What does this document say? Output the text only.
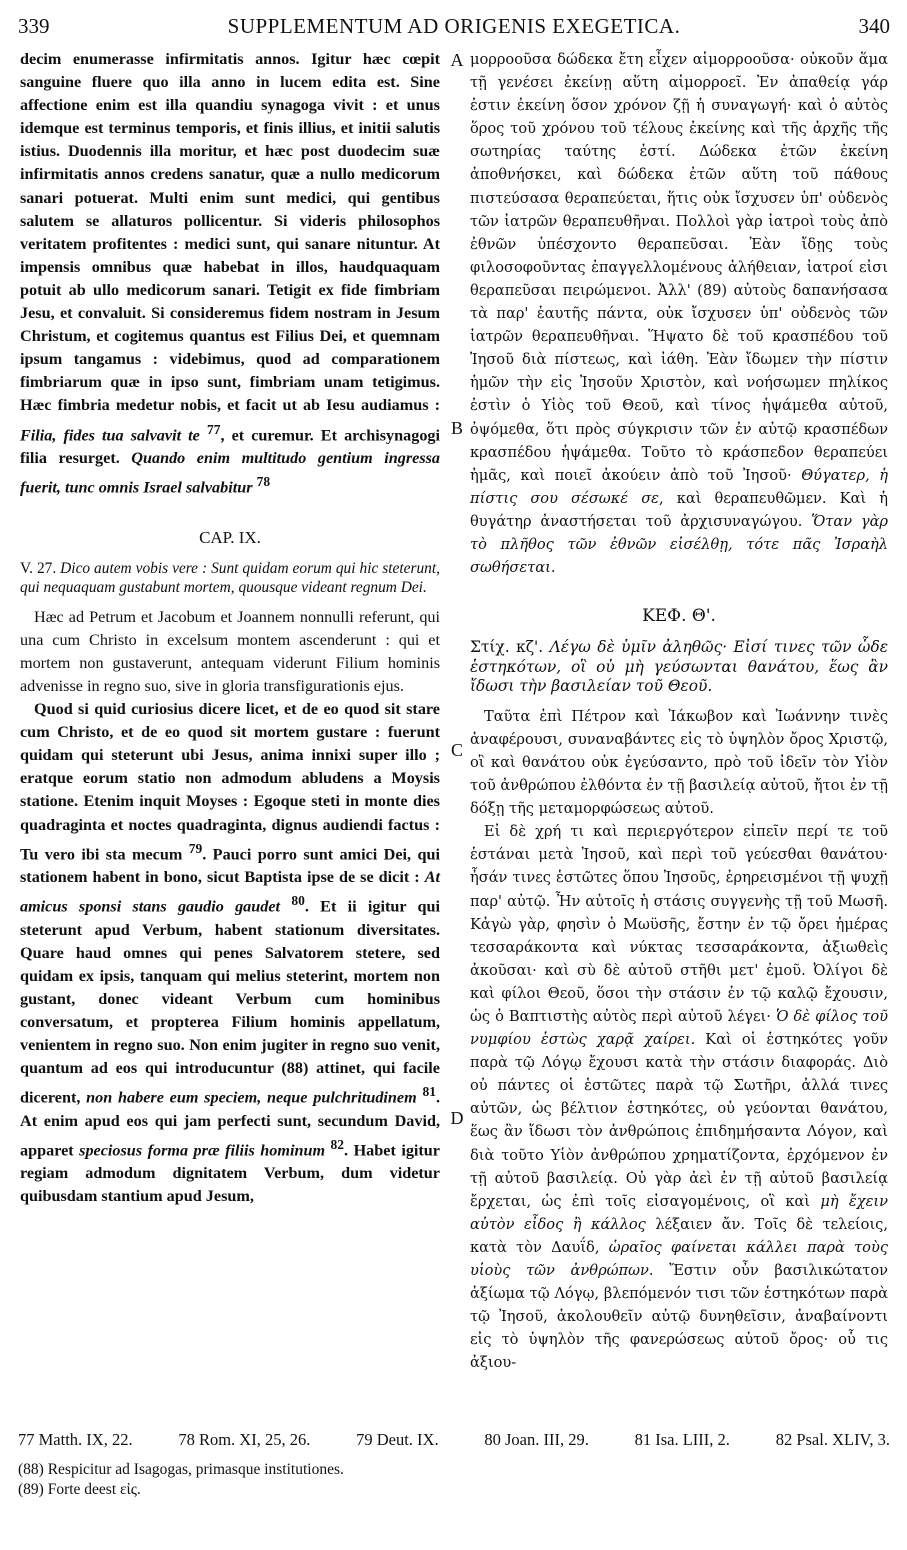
339	SUPPLEMENTUM AD ORIGENIS EXEGETICA.	340
A
B
C
D

decim enumerasse infirmitatis annos. Igitur hæc cœpit sanguine fluere quo illa anno in lucem edita est. Sine affectione enim est illa quandiu synagoga vivit : et unus idemque est terminus temporis, et finis illius, et initii salutis istius. Duodennis illa moritur, et hæc post duodecim suæ infirmitatis annos credens sanatur, quæ a nullo medicorum sanari potuerat. Multi enim sunt medici, qui gentibus salutem se allaturos pollicentur. Si videris philosophos veritatem profitentes : medici sunt, qui sanare nituntur. At impensis omnibus quæ habebat in illos, haudquaquam potuit ab ullo medicorum sanari. Tetigit ex fide fimbriam Jesu, et convaluit. Si consideremus fidem nostram in Jesum Christum, et cogitemus quantus est Filius Dei, et quemnam ipsum tangamus : videbimus, quod ad comparationem fimbriarum quæ in ipso sunt, fimbriam unam tetigimus. Hæc fimbria medetur nobis, et facit ut ab Iesu audiamus : Filia, fides tua salvavit te $^{77}$, et curemur. Et archisynagogi filia resurget. Quando enim multitudo gentium ingressa fuerit, tunc omnis Israel salvabitur $^{78}$

CAP. IX.
V. 27. Dico autem vobis vere : Sunt quidam eorum qui hic steterunt, qui nequaquam gustabunt mortem, quousque videant regnum Dei.

Hæc ad Petrum et Jacobum et Joannem nonnulli referunt, qui una cum Christo in excelsum montem ascenderunt : qui et mortem non gustaverunt, antequam viderunt Filium hominis advenisse in regno suo, sive in gloria transfigurationis ejus.

Quod si quid curiosius dicere licet, et de eo quod sit stare cum Christo, et de eo quod sit mortem gustare : fuerunt quidam qui steterunt ubi Jesus, anima innixi super illo ; eratque eorum statio non admodum abludens a Moysis statione. Etenim inquit Moyses : Egoque steti in monte dies quadraginta et noctes quadraginta, dignus audiendi factus : Tu vero ibi sta mecum $^{79}$. Pauci porro sunt amici Dei, qui stationem habent in bono, sicut Baptista ipse de se dicit : At amicus sponsi stans gaudio gaudet $^{80}$. Et ii igitur qui steterunt apud Verbum, habent stationum diversitates. Quare haud omnes qui penes Salvatorem stetere, sed quidam ex ipsis, tanquam qui melius steterint, mortem non gustant, donec videant Verbum cum hominibus conversatum, et propterea Filium hominis appellatum, venientem in regno suo. Non enim jugiter in regno suo venit, quantum ad eos qui introducuntur (88) attinet, qui facile dicerent, non habere eum speciem, neque pulchritudinem $^{81}$. At enim apud eos qui jam perfecti sunt, secundum David, apparet speciosus forma præ filiis hominum $^{82}$. Habet igitur regiam admodum dignitatem Verbum, dum videtur quibusdam stantium apud Jesum,

μορρooῦσα δώδεκα ἔτη εἶχεν αἱμορροοῦσα· οὐκοῦν ἅμα τῇ γενέσει ἐκείνῃ αὕτη αἱμορροεῖ. Ἐν ἀπαθείᾳ γάρ ἐστιν ἐκείνη ὅσον χρόνον ζῇ ἡ συναγωγή· καὶ ὁ αὐτὸς ὅρος τοῦ χρόνου τοῦ τέλους ἐκείνης καὶ τῆς ἀρχῆς τῆς σωτηρίας ταύτης ἐστί. Δώδεκα ἐτῶν ἐκείνη ἀποθνήσκει, καὶ δώδεκα ἐτῶν αὕτη τοῦ πάθους πιστεύσασα θεραπεύεται, ἥτις οὐκ ἴσχυσεν ὑπ' οὐδενὸς τῶν ἰατρῶν θεραπευθῆναι. Πολλοὶ γὰρ ἰατροὶ τοὺς ἀπὸ ἐθνῶν ὑπέσχοντο θεραπεῦσαι. Ἐὰν ἴδῃς τοὺς φιλοσοφοῦντας ἐπαγγελλομένους ἀλήθειαν, ἰατροί εἰσι θεραπεῦσαι πειρώμενοι. Ἀλλ' (89) αὐτοὺς δαπανήσασα τὰ παρ' ἑαυτῆς πάντα, οὐκ ἴσχυσεν ὑπ' οὐδενὸς τῶν ἰατρῶν θεραπευθῆναι. Ἥψατο δὲ τοῦ κρασπέδου τοῦ Ἰησοῦ διὰ πίστεως, καὶ ἰάθη. Ἐὰν ἴδωμεν τὴν πίστιν ἡμῶν τὴν εἰς Ἰησοῦν Χριστὸν, καὶ νοήσωμεν πηλίκος ἐστὶν ὁ Υἱὸς τοῦ Θεοῦ, καὶ τίνος ἡψάμεθα αὐτοῦ, ὀψόμεθα, ὅτι πρὸς σύγκρισιν τῶν ἐν αὐτῷ κρασπέδων κρασπέδου ἡψάμεθα. Τοῦτο τὸ κράσπεδον θεραπεύει ἡμᾶς, καὶ ποιεῖ ἀκούειν ἀπὸ τοῦ Ἰησοῦ· Θύγατερ, ἡ πίστις σου σέσωκέ σε, καὶ θεραπευθῶμεν. Καὶ ἡ θυγάτηρ ἀναστήσεται τοῦ ἀρχισυναγώγου. Ὅταν γὰρ τὸ πλῆθος τῶν ἐθνῶν εἰσέλθῃ, τότε πᾶς Ἰσραὴλ σωθήσεται.

ΚΕΦ. Θ'.
Στίχ. κζ'. Λέγω δὲ ὑμῖν ἀληθῶς· Εἰσί τινες τῶν ὧδε ἑστηκότων, οἳ οὐ μὴ γεύσωνται θανάτου, ἕως ἂν ἴδωσι τὴν βασιλείαν τοῦ Θεοῦ.

Ταῦτα ἐπὶ Πέτρον καὶ Ἰάκωβον καὶ Ἰωάννην τινὲς ἀναφέρουσι, συναναβάντες εἰς τὸ ὑψηλὸν ὄρος Χριστῷ, οἳ καὶ θανάτου οὐκ ἐγεύσαντο, πρὸ τοῦ ἰδεῖν τὸν Υἱὸν τοῦ ἀνθρώπου ἐλθόντα ἐν τῇ βασιλείᾳ αὐτοῦ, ἤτοι ἐν τῇ δόξῃ τῆς μεταμορφώσεως αὐτοῦ.

Εἰ δὲ χρή τι καὶ περιεργότερον εἰπεῖν περί τε τοῦ ἑστάναι μετὰ Ἰησοῦ, καὶ περὶ τοῦ γεύεσθαι θανάτου· ἦσάν τινες ἑστῶτες ὅπου Ἰησοῦς, ἐρηρεισμένοι τῇ ψυχῇ παρ' αὐτῷ. Ἦν αὐτοῖς ἡ στάσις συγγενὴς τῇ τοῦ Μωσῆ. Κἀγὼ γὰρ, φησὶν ὁ Μωϋσῆς, ἔστην ἐν τῷ ὄρει ἡμέρας τεσσαράκοντα καὶ νύκτας τεσσαράκοντα, ἀξιωθεὶς ἀκοῦσαι· καὶ σὺ δὲ αὐτοῦ στῆθι μετ' ἐμοῦ. Ὀλίγοι δὲ καὶ φίλοι Θεοῦ, ὅσοι τὴν στάσιν ἐν τῷ καλῷ ἔχουσιν, ὡς ὁ Βαπτιστὴς αὐτὸς περὶ αὐτοῦ λέγει· Ὁ δὲ φίλος τοῦ νυμφίου ἑστὼς χαρᾷ χαίρει. Καὶ οἱ ἑστηκότες γοῦν παρὰ τῷ Λόγῳ ἔχουσι κατὰ τὴν στάσιν διαφοράς. Διὸ οὐ πάντες οἱ ἑστῶτες παρὰ τῷ Σωτῆρι, ἀλλά τινες αὐτῶν, ὡς βέλτιον ἑστηκότες, οὐ γεύονται θανάτου, ἕως ἂν ἴδωσι τὸν ἀνθρώποις ἐπιδημήσαντα Λόγον, καὶ διὰ τοῦτο Υἱὸν ἀνθρώπου χρηματίζοντα, ἐρχόμενον ἐν τῇ αὐτοῦ βασιλείᾳ. Οὐ γὰρ ἀεὶ ἐν τῇ αὐτοῦ βασιλείᾳ ἔρχεται, ὡς ἐπὶ τοῖς εἰσαγομένοις, οἳ καὶ μὴ ἔχειν αὐτὸν εἶδος ἢ κάλλος λέξαιεν ἄν. Τοῖς δὲ τελείοις, κατὰ τὸν Δαυΐδ, ὡραῖος φαίνεται κάλλει παρὰ τοὺς υἱοὺς τῶν ἀνθρώπων. Ἔστιν οὖν βασιλικώτατον ἀξίωμα τῷ Λόγῳ, βλεπόμενόν τισι τῶν ἑστηκότων παρὰ τῷ Ἰησοῦ, ἀκολουθεῖν αὐτῷ δυνηθεῖσιν, ἀναβαίνοντι εἰς τὸ ὑψηλὸν τῆς φανερώσεως αὐτοῦ ὄρος· οὗ τις ἀξιου-

77 Matth. IX, 22.	78 Rom. XI, 25, 26.	79 Deut. IX.	80 Joan. III, 29.	81 Isa. LIII, 2.	82 Psal. XLIV, 3.
(88) Respicitur ad Isagogas, primasque institutiones.
(89) Forte deest εἰς.
